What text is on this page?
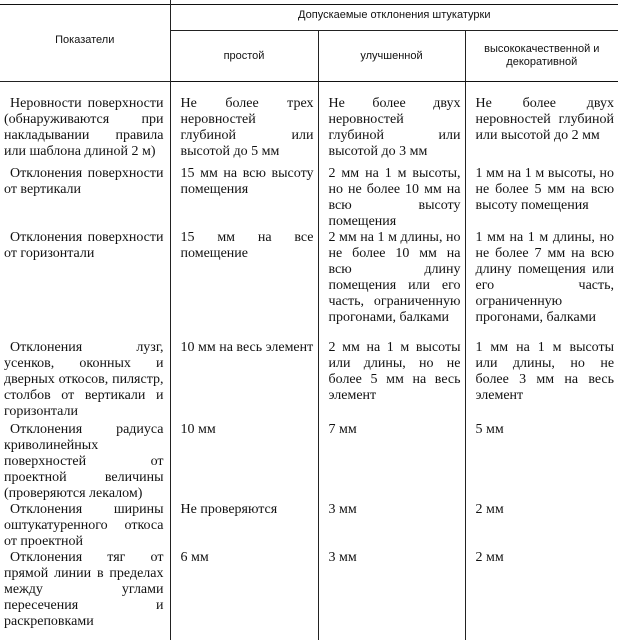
Показатели	Допускаемые отклонения штукатурки		
	простой	улучшенной	высококачественной и декоративной

Неровности поверхности (обнаруживаются при накладывании правила или шаблона длиной 2 м)	Не более трех неровностей глубиной или высотой до 5 мм	Не более двух неровностей глубиной или высотой до 3 мм	Не более двух неровностей глубиной или высотой до 2 мм

Отклонения поверхности от вертикали	15 мм на всю высоту помещения	2 мм на 1 м высоты, но не более 10 мм на всю высоту помещения	1 мм на 1 м высоты, но не более 5 мм на всю высоту помещения

Отклонения поверхности от горизонтали	15 мм на все помещение	2 мм на 1 м длины, но не более 10 мм на всю длину помещения или его часть, ограниченную прогонами, балками	1 мм на 1 м длины, но не более 7 мм на всю длину помещения или его часть, ограниченную прогонами, балками

Отклонения лузг, усенков, оконных и дверных откосов, пилястр, столбов от вертикали и горизонтали	10 мм на весь элемент	2 мм на 1 м высоты или длины, но не более 5 мм на весь элемент	1 мм на 1 м высоты или длины, но не более 3 мм на весь элемент

Отклонения радиуса криволинейных поверхностей от проектной величины (проверяются лекалом)	10 мм	7 мм	5 мм

Отклонения ширины оштукатуренного откоса от проектной	Не проверяются	3 мм	2 мм

Отклонения тяг от прямой линии в пределах между углами пересечения и раскреповками	6 мм	3 мм	2 мм
